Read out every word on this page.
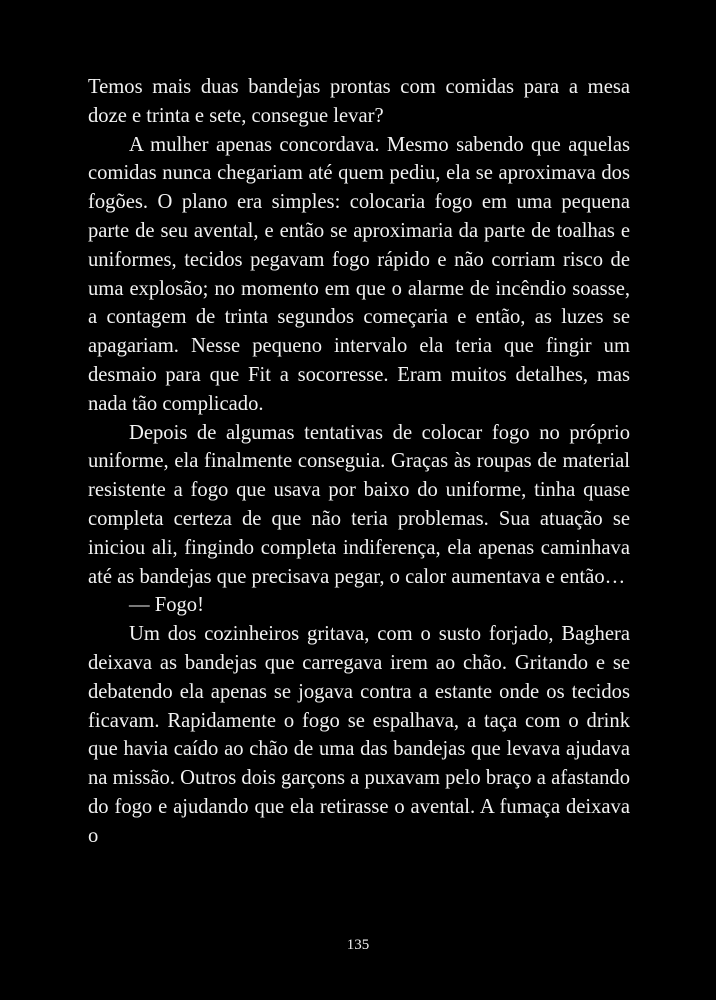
Temos mais duas bandejas prontas com comidas para a mesa doze e trinta e sete, consegue levar?

A mulher apenas concordava. Mesmo sabendo que aquelas comidas nunca chegariam até quem pediu, ela se aproximava dos fogões. O plano era simples: colocaria fogo em uma pequena parte de seu avental, e então se aproximaria da parte de toalhas e uniformes, tecidos pegavam fogo rápido e não corriam risco de uma explosão; no momento em que o alarme de incêndio soasse, a contagem de trinta segundos começaria e então, as luzes se apagariam. Nesse pequeno intervalo ela teria que fingir um desmaio para que Fit a socorresse. Eram muitos detalhes, mas nada tão complicado.

Depois de algumas tentativas de colocar fogo no próprio uniforme, ela finalmente conseguia. Graças às roupas de material resistente a fogo que usava por baixo do uniforme, tinha quase completa certeza de que não teria problemas. Sua atuação se iniciou ali, fingindo completa indiferença, ela apenas caminhava até as bandejas que precisava pegar, o calor aumentava e então…

— Fogo!

Um dos cozinheiros gritava, com o susto forjado, Baghera deixava as bandejas que carregava irem ao chão. Gritando e se debatendo ela apenas se jogava contra a estante onde os tecidos ficavam. Rapidamente o fogo se espalhava, a taça com o drink que havia caído ao chão de uma das bandejas que levava ajudava na missão. Outros dois garçons a puxavam pelo braço a afastando do fogo e ajudando que ela retirasse o avental. A fumaça deixava o

135
